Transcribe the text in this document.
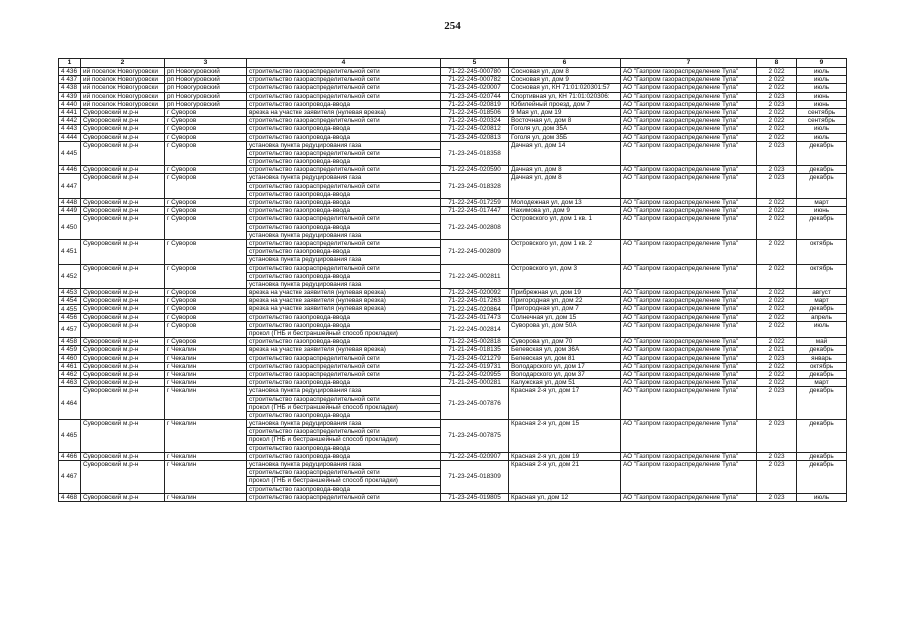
254
1	2	3	4	5	6	7	8	9
4 436	ий поселок Новогуровски	рп Новогуровский	строительство газораспределительной сети	71-22-245-000780	Сосновая ул, дом 8	АО "Газпром газораспределение Тула"	2 022	июль
4 437	ий поселок Новогуровски	рп Новогуровский	строительство газораспределительной сети	71-22-245-000782	Сосновая ул, дом 9	АО "Газпром газораспределение Тула"	2 022	июль
4 438	ий поселок Новогуровски	рп Новогуровский	строительство газораспределительной сети	71-23-245-020007	Сосновая ул, КН 71:01:020301:57	АО "Газпром газораспределение Тула"	2 022	июль
4 439	ий поселок Новогуровски	рп Новогуровский	строительство газораспределительной сети	71-23-245-020744	Спортивная ул, КН 71:01:020306:	АО "Газпром газораспределение Тула"	2 023	июнь
4 440	ий поселок Новогуровски	рп Новогуровский	строительство газопровода-ввода	71-22-245-020819	Юбилейный проезд, дом 7	АО "Газпром газораспределение Тула"	2 023	июнь
4 441	Суворовский м.р-н	г Суворов	врезка на участке заявителя (нулевая врезка)	71-22-245-018506	9 Мая ул, дом 19	АО "Газпром газораспределение Тула"	2 022	сентябрь
4 442	Суворовский м.р-н	г Суворов	строительство газораспределительной сети	71-22-245-020324	Восточная ул, дом 8	АО "Газпром газораспределение Тула"	2 022	сентябрь
4 443	Суворовский м.р-н	г Суворов	строительство газопровода-ввода	71-22-245-020812	Гоголя ул, дом 35А	АО "Газпром газораспределение Тула"	2 022	июль
4 444	Суворовский м.р-н	г Суворов	строительство газопровода-ввода	71-23-245-020813	Гоголя ул, дом 35Б	АО "Газпром газораспределение Тула"	2 022	июль
4 445	Суворовский м.р-н	г Суворов	установка пункта редуцирования газа	71-23-245-018358	Дачная ул, дом 14	АО "Газпром газораспределение Тула"	2 023	декабрь
			строительство газораспределительной сети					
			строительство газопровода-ввода					
4 446	Суворовский м.р-н	г Суворов	строительство газораспределительной сети	71-22-245-020590	Дачная ул, дом 8	АО "Газпром газораспределение Тула"	2 023	декабрь
4 447	Суворовский м.р-н	г Суворов	установка пункта редуцирования газа	71-23-245-018328	Дачная ул, дом 8	АО "Газпром газораспределение Тула"	2 023	декабрь
			строительство газораспределительной сети					
			строительство газопровода-ввода					
4 448	Суворовский м.р-н	г Суворов	строительство газопровода-ввода	71-22-245-017259	Молодежная ул, дом 13	АО "Газпром газораспределение Тула"	2 022	март
4 449	Суворовский м.р-н	г Суворов	строительство газопровода-ввода	71-22-245-017447	Нахимова ул, дом 9	АО "Газпром газораспределение Тула"	2 022	июнь
4 450	Суворовский м.р-н	г Суворов	строительство газораспределительной сети	71-22-245-002808	Островского ул, дом 1 кв. 1	АО "Газпром газораспределение Тула"	2 022	декабрь
			строительство газопровода-ввода					
			установка пункта редуцирования газа					
4 451	Суворовский м.р-н	г Суворов	строительство газораспределительной сети	71-22-245-002809	Островского ул, дом 1 кв. 2	АО "Газпром газораспределение Тула"	2 022	октябрь
			строительство газопровода-ввода					
			установка пункта редуцирования газа					
4 452	Суворовский м.р-н	г Суворов	строительство газораспределительной сети	71-22-245-002811	Островского ул, дом 3	АО "Газпром газораспределение Тула"	2 022	октябрь
			строительство газопровода-ввода					
			установка пункта редуцирования газа					
4 453	Суворовский м.р-н	г Суворов	врезка на участке заявителя (нулевая врезка)	71-22-245-020092	Прибрежная ул, дом 19	АО "Газпром газораспределение Тула"	2 022	август
4 454	Суворовский м.р-н	г Суворов	врезка на участке заявителя (нулевая врезка)	71-22-245-017263	Пригородная ул, дом 22	АО "Газпром газораспределение Тула"	2 022	март
4 455	Суворовский м.р-н	г Суворов	врезка на участке заявителя (нулевая врезка)	71-22-245-020864	Пригородная ул, дом 7	АО "Газпром газораспределение Тула"	2 022	декабрь
4 456	Суворовский м.р-н	г Суворов	строительство газопровода-ввода	71-22-245-017473	Солнечная ул, дом 15	АО "Газпром газораспределение Тула"	2 022	апрель
4 457	Суворовский м.р-н	г Суворов	строительство газопровода-ввода	71-22-245-002814	Суворова ул, дом 50А	АО "Газпром газораспределение Тула"	2 022	июль
			прокол (ГНБ и бестраншейный способ прокладки)					
4 458	Суворовский м.р-н	г Суворов	строительство газопровода-ввода	71-22-245-002818	Суворова ул, дом 70	АО "Газпром газораспределение Тула"	2 022	май
4 459	Суворовский м.р-н	г Чекалин	врезка на участке заявителя (нулевая врезка)	71-21-245-018135	Белевская ул, дом 36А	АО "Газпром газораспределение Тула"	2 021	декабрь
4 460	Суворовский м.р-н	г Чекалин	строительство газораспределительной сети	71-23-245-021279	Белевская ул, дом 81	АО "Газпром газораспределение Тула"	2 023	январь
4 461	Суворовский м.р-н	г Чекалин	строительство газораспределительной сети	71-22-245-019731	Володарского ул, дом 17	АО "Газпром газораспределение Тула"	2 022	октябрь
4 462	Суворовский м.р-н	г Чекалин	строительство газораспределительной сети	71-22-245-020955	Володарского ул, дом 37	АО "Газпром газораспределение Тула"	2 022	декабрь
4 463	Суворовский м.р-н	г Чекалин	строительство газопровода-ввода	71-21-245-000281	Калужская ул, дом 51	АО "Газпром газораспределение Тула"	2 022	март
4 464	Суворовский м.р-н	г Чекалин	установка пункта редуцирования газа	71-23-245-007876	Красная 2-я ул, дом 17	АО "Газпром газораспределение Тула"	2 023	декабрь
			строительство газораспределительной сети					
			прокол (ГНБ и бестраншейный способ прокладки)					
			строительство газопровода-ввода					
4 465	Суворовский м.р-н	г Чекалин	установка пункта редуцирования газа	71-23-245-007875	Красная 2-я ул, дом 15	АО "Газпром газораспределение Тула"	2 023	декабрь
			строительство газораспределительной сети					
			прокол (ГНБ и бестраншейный способ прокладки)					
			строительство газопровода-ввода					
4 466	Суворовский м.р-н	г Чекалин	строительство газопровода-ввода	71-22-245-020907	Красная 2-я ул, дом 19	АО "Газпром газораспределение Тула"	2 023	декабрь
4 467	Суворовский м.р-н	г Чекалин	установка пункта редуцирования газа	71-23-245-018309	Красная 2-я ул, дом 21	АО "Газпром газораспределение Тула"	2 023	декабрь
			строительство газораспределительной сети					
			прокол (ГНБ и бестраншейный способ прокладки)					
			строительство газопровода-ввода					
4 468	Суворовский м.р-н	г Чекалин	строительство газораспределительной сети	71-23-245-019805	Красная ул, дом 12	АО "Газпром газораспределение Тула"	2 023	июль
